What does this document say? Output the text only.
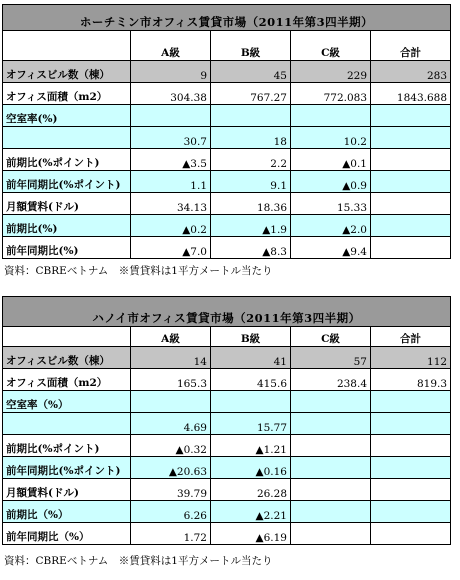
ホーチミン市オフィス賃貸市場（2011年第3四半期）				
	A級	B級	C級	合計
オフィスビル数（棟）	9	45	229	283
オフィス面積（m2）	304.38	767.27	772.083	1843.688
空室率(%)				
	30.7	18	10.2	
前期比(%ポイント)	▲3.5	2.2	▲0.1	
前年同期比(%ポイント)	1.1	9.1	▲0.9	
月額賃料(ドル)	34.13	18.36	15.33	
前期比(%)	▲0.2	▲1.9	▲2.0	
前年同期比(%)	▲7.0	▲8.3	▲9.4	
資料：CBREベトナム　※賃貸料は1平方メートル当たり
ハノイ市オフィス賃貸市場（2011年第3四半期）				
	A級	B級	C級	合計
オフィスビル数（棟）	14	41	57	112
オフィス面積（m2）	165.3	415.6	238.4	819.3
空室率（%）				
	4.69	15.77		
前期比(%ポイント)	▲0.32	▲1.21		
前年同期比(%ポイント)	▲20.63	▲0.16		
月額賃料(ドル)	39.79	26.28		
前期比（%）	6.26	▲2.21		
前年同期比（%）	1.72	▲6.19		
資料：CBREベトナム　※賃貸料は1平方メートル当たり
